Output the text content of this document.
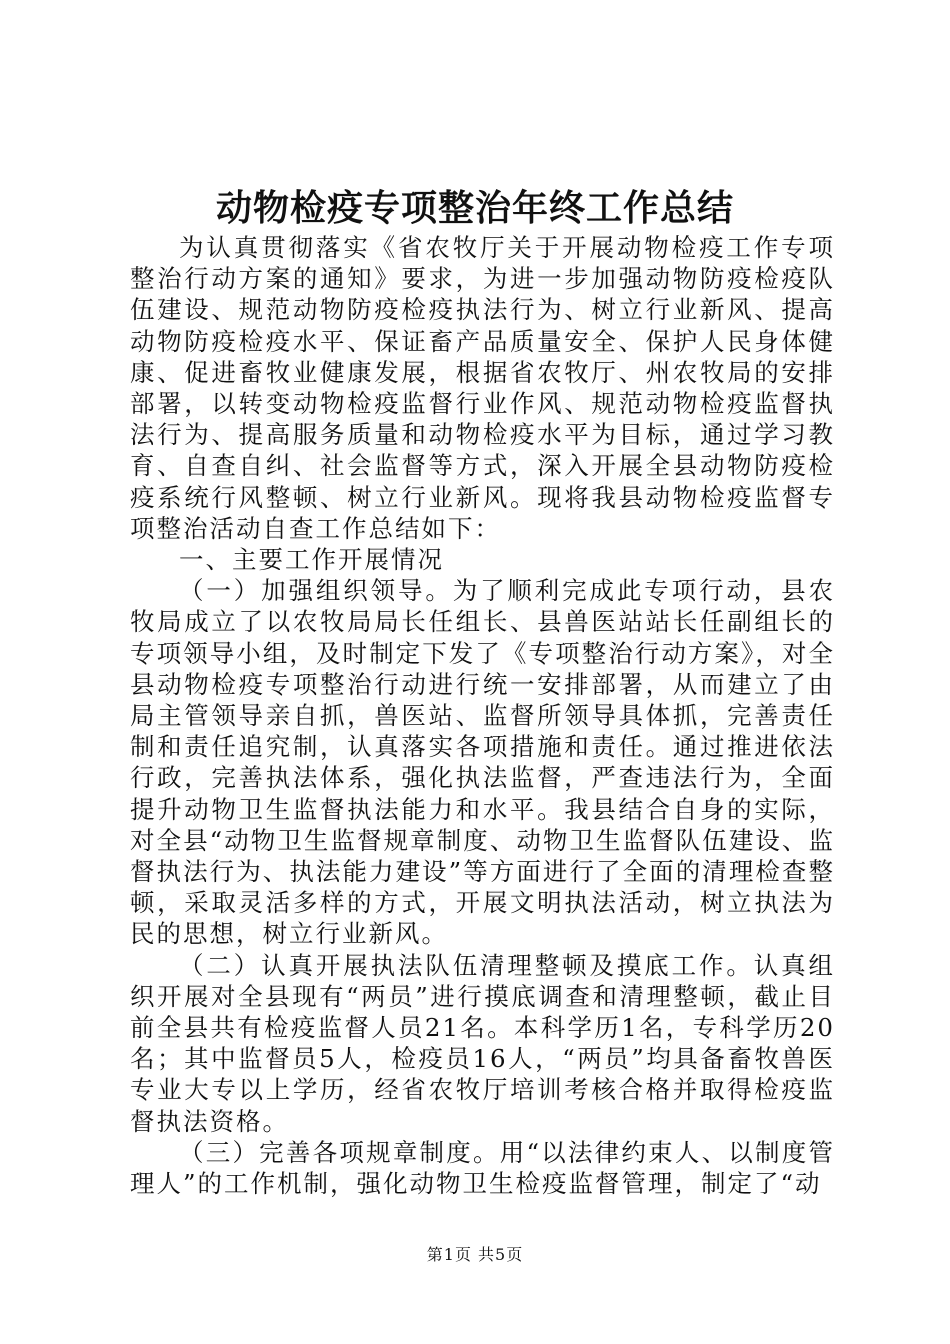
动物检疫专项整治年终工作总结

为认真贯彻落实《省农牧厅关于开展动物检疫工作专项整治行动方案的通知》要求，为进一步加强动物防疫检疫队伍建设、规范动物防疫检疫执法行为、树立行业新风、提高动物防疫检疫水平、保证畜产品质量安全、保护人民身体健康、促进畜牧业健康发展，根据省农牧厅、州农牧局的安排部署，以转变动物检疫监督行业作风、规范动物检疫监督执法行为、提高服务质量和动物检疫水平为目标，通过学习教育、自查自纠、社会监督等方式，深入开展全县动物防疫检疫系统行风整顿、树立行业新风。现将我县动物检疫监督专项整治活动自查工作总结如下：

一、主要工作开展情况

（一）加强组织领导。为了顺利完成此专项行动，县农牧局成立了以农牧局局长任组长、县兽医站站长任副组长的专项领导小组，及时制定下发了《专项整治行动方案》，对全县动物检疫专项整治行动进行统一安排部署，从而建立了由局主管领导亲自抓，兽医站、监督所领导具体抓，完善责任制和责任追究制，认真落实各项措施和责任。通过推进依法行政，完善执法体系，强化执法监督，严查违法行为，全面提升动物卫生监督执法能力和水平。我县结合自身的实际，对全县“动物卫生监督规章制度、动物卫生监督队伍建设、监督执法行为、执法能力建设”等方面进行了全面的清理检查整顿，采取灵活多样的方式，开展文明执法活动，树立执法为民的思想，树立行业新风。

（二）认真开展执法队伍清理整顿及摸底工作。认真组织开展对全县现有“两员”进行摸底调查和清理整顿，截止目前全县共有检疫监督人员21名。本科学历1名，专科学历20名；其中监督员5人，检疫员16人，“两员”均具备畜牧兽医专业大专以上学历，经省农牧厅培训考核合格并取得检疫监督执法资格。

（三）完善各项规章制度。用“以法律约束人、以制度管理人”的工作机制，强化动物卫生检疫监督管理，制定了“动

第1页 共5页
